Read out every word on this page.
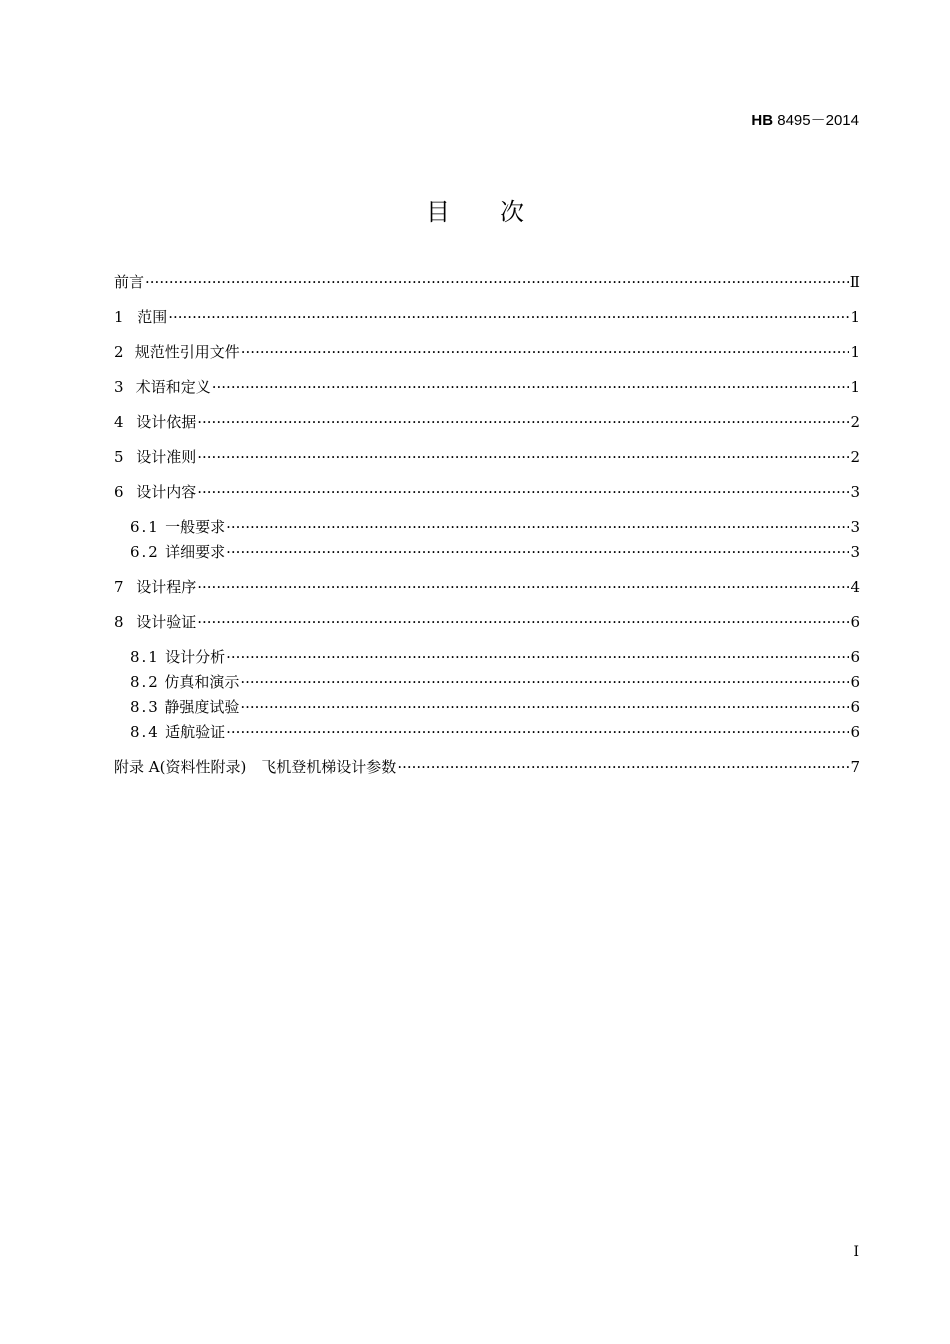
HB 8495－2014
目次
前言 ·····	Ⅱ
1 范围 ·····	1
2 规范性引用文件 ·····	1
3 术语和定义 ·····	1
4 设计依据 ·····	2
5 设计准则 ·····	2
6 设计内容 ·····	3
6.1 一般要求 ·····	3
6.2 详细要求 ·····	3
7 设计程序 ·····	4
8 设计验证 ·····	6
8.1 设计分析 ·····	6
8.2 仿真和演示 ·····	6
8.3 静强度试验 ·····	6
8.4 适航验证 ·····	6
附录 A(资料性附录)　飞机登机梯设计参数 ·····	7
I
